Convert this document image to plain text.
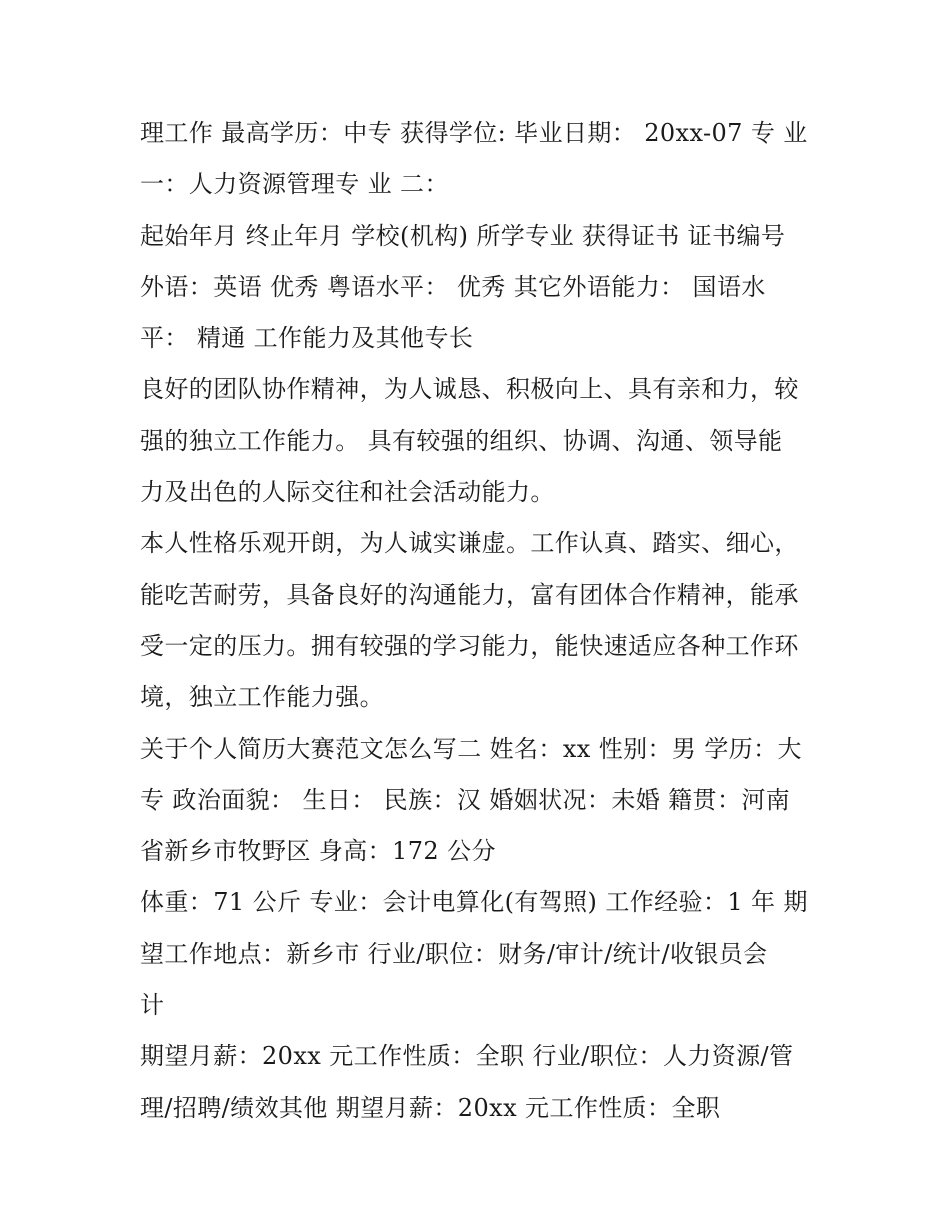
理工作 最高学历：中专 获得学位: 毕业日期： 20xx-07 专 业
一：人力资源管理专 业 二：
起始年月 终止年月 学校(机构) 所学专业 获得证书 证书编号
外语：英语 优秀 粤语水平： 优秀 其它外语能力： 国语水
平： 精通 工作能力及其他专长
良好的团队协作精神，为人诚恳、积极向上、具有亲和力，较
强的独立工作能力。 具有较强的组织、协调、沟通、领导能
力及出色的人际交往和社会活动能力。
本人性格乐观开朗，为人诚实谦虚。工作认真、踏实、细心，
能吃苦耐劳，具备良好的沟通能力，富有团体合作精神，能承
受一定的压力。拥有较强的学习能力，能快速适应各种工作环
境，独立工作能力强。
关于个人简历大赛范文怎么写二 姓名：xx 性别：男 学历：大
专 政治面貌： 生日： 民族：汉 婚姻状况：未婚 籍贯：河南
省新乡市牧野区 身高：172 公分
体重：71 公斤 专业：会计电算化(有驾照) 工作经验：1 年 期
望工作地点：新乡市 行业/职位：财务/审计/统计/收银员会
计
期望月薪：20xx 元工作性质：全职 行业/职位：人力资源/管
理/招聘/绩效其他 期望月薪：20xx 元工作性质：全职
